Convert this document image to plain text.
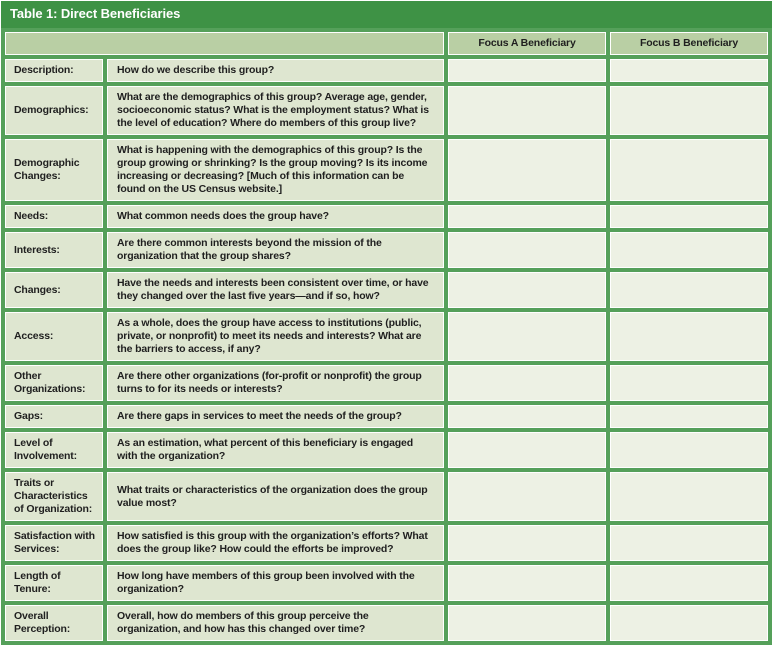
Table 1: Direct Beneficiaries
		Focus A Beneficiary	Focus B Beneficiary
Description:	How do we describe this group?		
Demographics:	What are the demographics of this group? Average age, gender, socioeconomic status? What is the employment status? What is the level of education? Where do members of this group live?		
Demographic Changes:	What is happening with the demographics of this group? Is the group growing or shrinking? Is the group moving? Is its income increasing or decreasing? [Much of this information can be found on the US Census website.]		
Needs:	What common needs does the group have?		
Interests:	Are there common interests beyond the mission of the organization that the group shares?		
Changes:	Have the needs and interests been consistent over time, or have they changed over the last five years—and if so, how?		
Access:	As a whole, does the group have access to institutions (public, private, or nonprofit) to meet its needs and interests? What are the barriers to access, if any?		
Other Organizations:	Are there other organizations (for-profit or nonprofit) the group turns to for its needs or interests?		
Gaps:	Are there gaps in services to meet the needs of the group?		
Level of Involvement:	As an estimation, what percent of this beneficiary is engaged with the organization?		
Traits or Characteristics of Organization:	What traits or characteristics of the organization does the group value most?		
Satisfaction with Services:	How satisfied is this group with the organization’s efforts? What does the group like? How could the efforts be improved?		
Length of Tenure:	How long have members of this group been involved with the organization?		
Overall Perception:	Overall, how do members of this group perceive the organization, and how has this changed over time?		
